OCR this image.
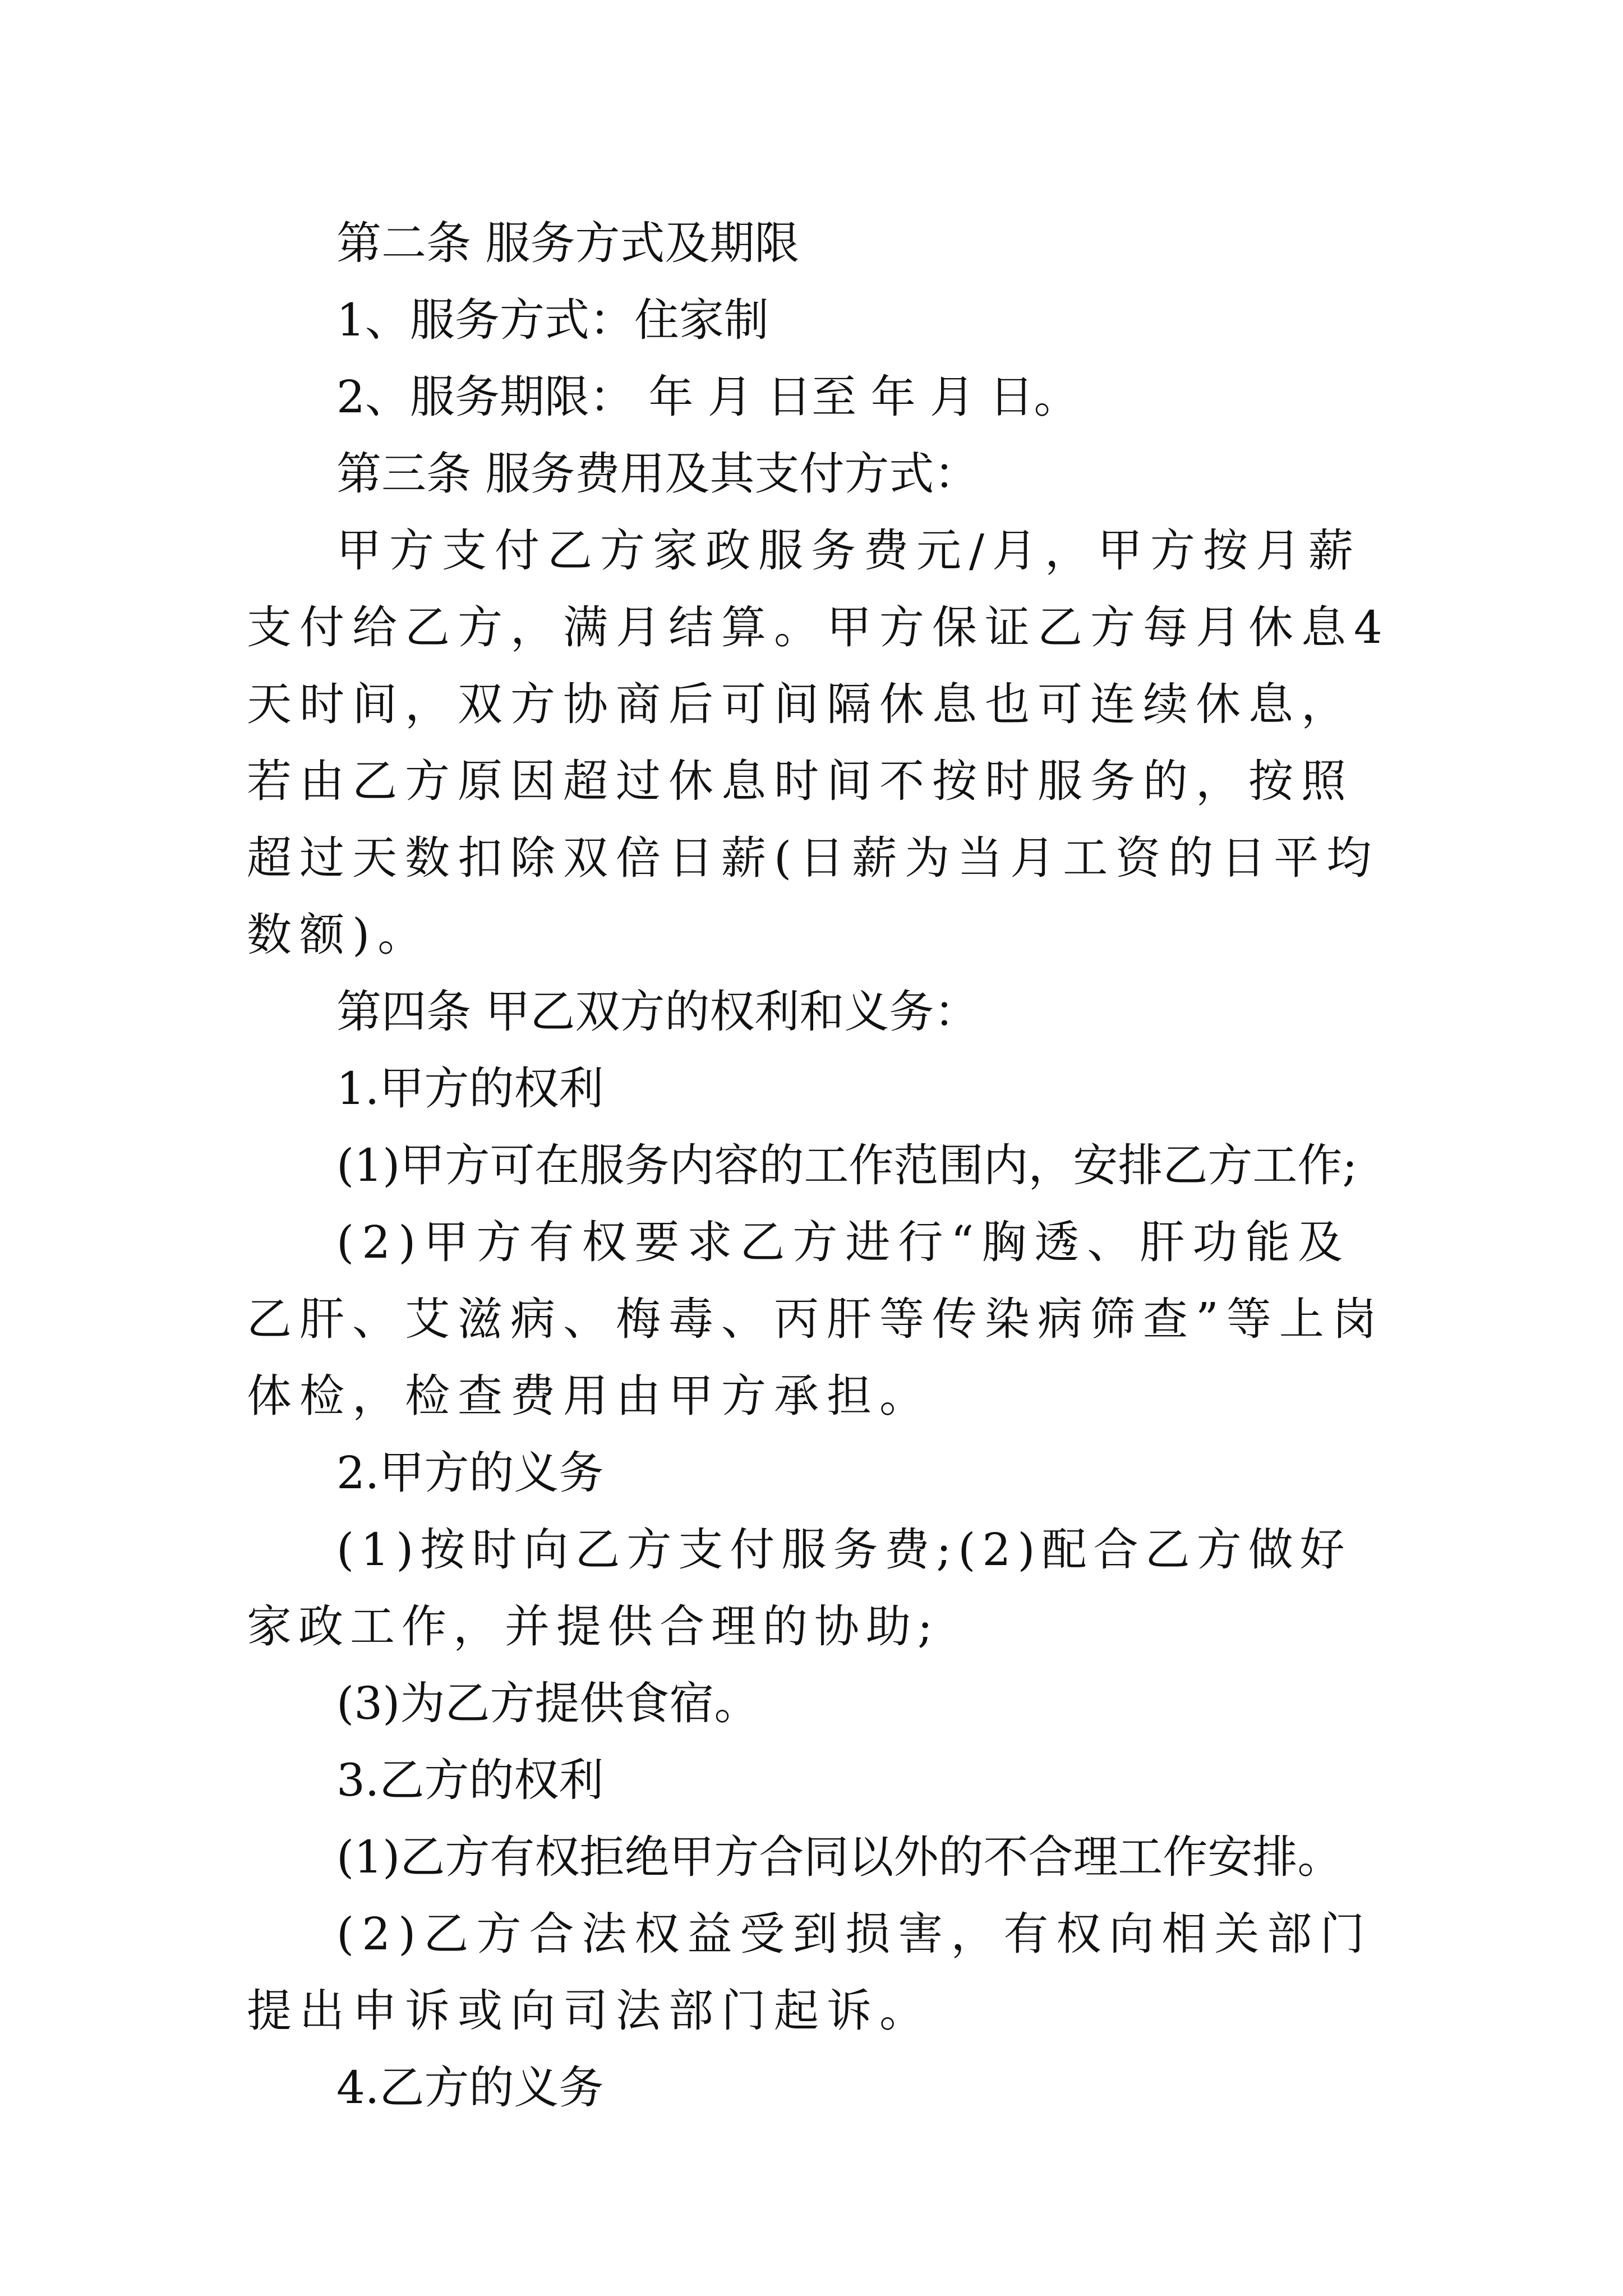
第二条 服务方式及期限

1、服务方式：住家制

2、服务期限： 年 月 日至 年 月 日。

第三条 服务费用及其支付方式：

甲方支付乙方家政服务费元/月，甲方按月薪支付给乙方，满月结算。甲方保证乙方每月休息4天时间，双方协商后可间隔休息也可连续休息，若由乙方原因超过休息时间不按时服务的，按照超过天数扣除双倍日薪(日薪为当月工资的日平均数额)。

第四条 甲乙双方的权利和义务：

1.甲方的权利

(1)甲方可在服务内容的工作范围内，安排乙方工作;

(2)甲方有权要求乙方进行“胸透、肝功能及乙肝、艾滋病、梅毒、丙肝等传染病筛查”等上岗体检，检查费用由甲方承担。

2.甲方的义务

(1)按时向乙方支付服务费;(2)配合乙方做好家政工作，并提供合理的协助;

(3)为乙方提供食宿。

3.乙方的权利

(1)乙方有权拒绝甲方合同以外的不合理工作安排。

(2)乙方合法权益受到损害，有权向相关部门提出申诉或向司法部门起诉。

4.乙方的义务
